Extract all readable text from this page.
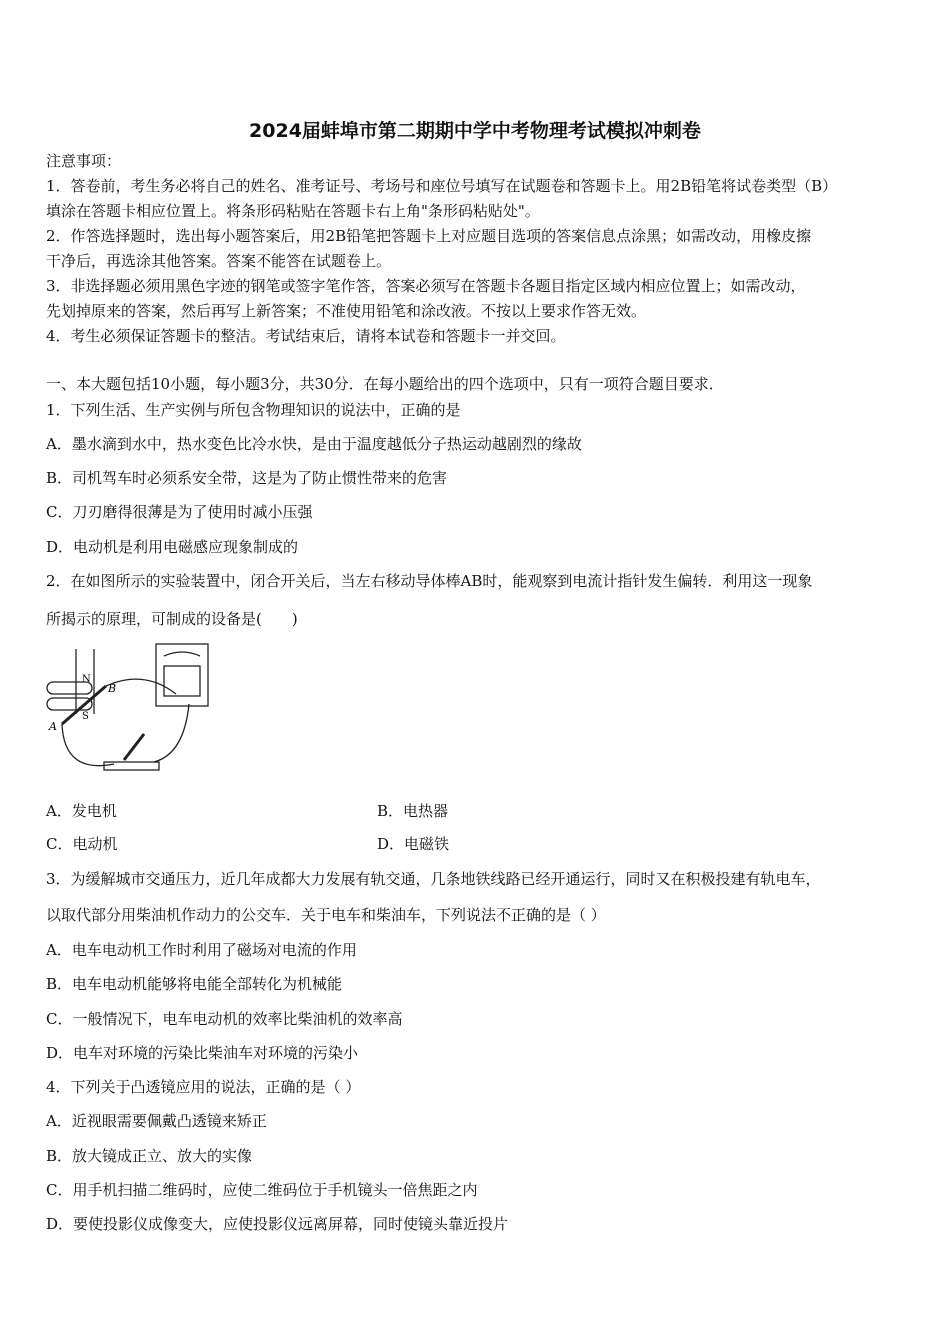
2024届蚌埠市第二期期中学中考物理考试模拟冲刺卷
注意事项：
1．答卷前，考生务必将自己的姓名、准考证号、考场号和座位号填写在试题卷和答题卡上。用2B铅笔将试卷类型（B）
填涂在答题卡相应位置上。将条形码粘贴在答题卡右上角"条形码粘贴处"。
2．作答选择题时，选出每小题答案后，用2B铅笔把答题卡上对应题目选项的答案信息点涂黑；如需改动，用橡皮擦
干净后，再选涂其他答案。答案不能答在试题卷上。
3．非选择题必须用黑色字迹的钢笔或签字笔作答，答案必须写在答题卡各题目指定区域内相应位置上；如需改动，
先划掉原来的答案，然后再写上新答案；不准使用铅笔和涂改液。不按以上要求作答无效。
4．考生必须保证答题卡的整洁。考试结束后，请将本试卷和答题卡一并交回。
一、本大题包括10小题，每小题3分，共30分．在每小题给出的四个选项中，只有一项符合题目要求．
1．下列生活、生产实例与所包含物理知识的说法中，正确的是
A．墨水滴到水中，热水变色比冷水快，是由于温度越低分子热运动越剧烈的缘故
B．司机驾车时必须系安全带，这是为了防止惯性带来的危害
C．刀刃磨得很薄是为了使用时减小压强
D．电动机是利用电磁感应现象制成的
2．在如图所示的实验装置中，闭合开关后，当左右移动导体棒AB时，能观察到电流计指针发生偏转．利用这一现象
所揭示的原理，可制成的设备是(　　)
N
S
A
B
A．发电机	B．电热器
C．电动机	D．电磁铁
3．为缓解城市交通压力，近几年成都大力发展有轨交通，几条地铁线路已经开通运行，同时又在积极投建有轨电车，
以取代部分用柴油机作动力的公交车．关于电车和柴油车，下列说法不正确的是（ ）
A．电车电动机工作时利用了磁场对电流的作用
B．电车电动机能够将电能全部转化为机械能
C．一般情况下，电车电动机的效率比柴油机的效率高
D．电车对环境的污染比柴油车对环境的污染小
4．下列关于凸透镜应用的说法，正确的是（ ）
A．近视眼需要佩戴凸透镜来矫正
B．放大镜成正立、放大的实像
C．用手机扫描二维码时，应使二维码位于手机镜头一倍焦距之内
D．要使投影仪成像变大，应使投影仪远离屏幕，同时使镜头靠近投片
